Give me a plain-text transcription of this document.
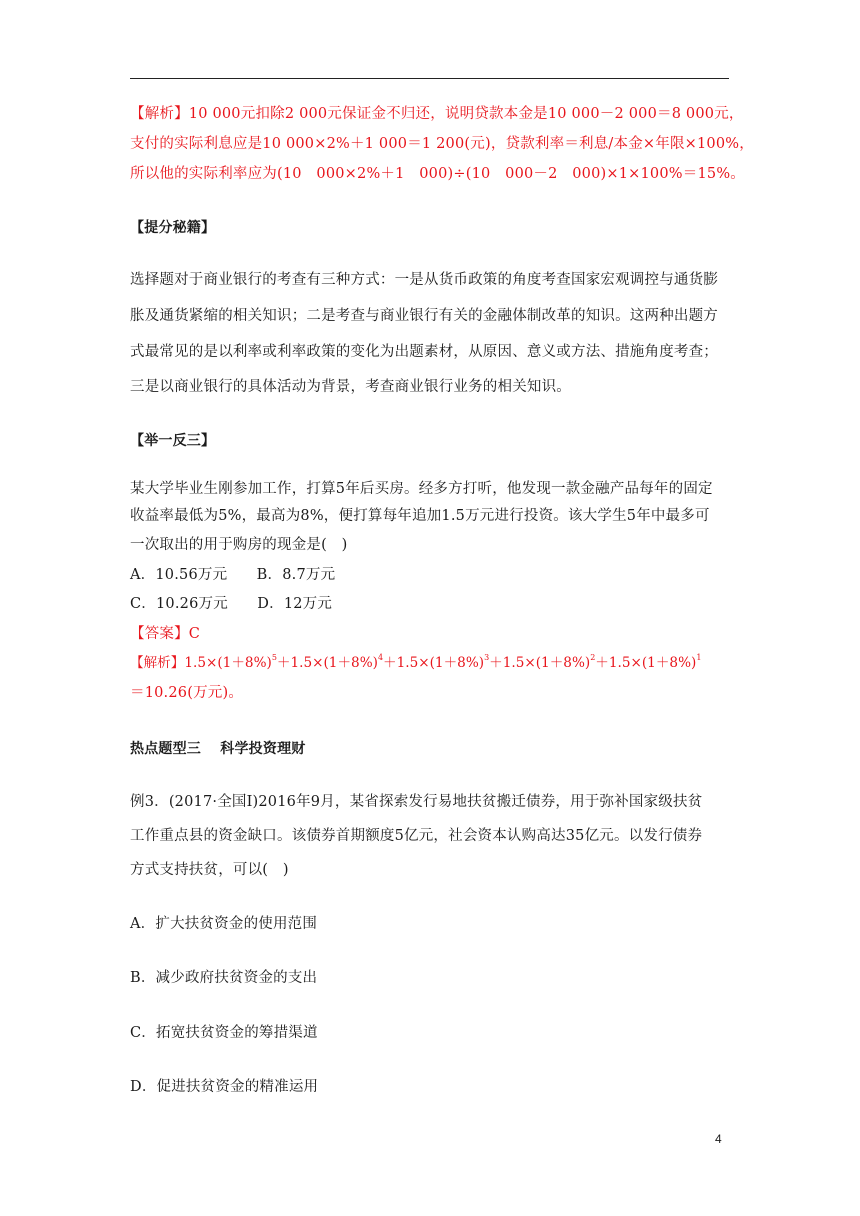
【解析】10 000元扣除2 000元保证金不归还，说明贷款本金是10 000－2 000＝8 000元，
支付的实际利息应是10 000×2%＋1 000＝1 200(元)，贷款利率＝利息/本金×年限×100%，
所以他的实际利率应为(10　000×2%＋1　000)÷(10　000－2　000)×1×100%＝15%。
【提分秘籍】
选择题对于商业银行的考查有三种方式：一是从货币政策的角度考查国家宏观调控与通货膨
胀及通货紧缩的相关知识；二是考查与商业银行有关的金融体制改革的知识。这两种出题方
式最常见的是以利率或利率政策的变化为出题素材，从原因、意义或方法、措施角度考查；
三是以商业银行的具体活动为背景，考查商业银行业务的相关知识。
【举一反三】
某大学毕业生刚参加工作，打算5年后买房。经多方打听，他发现一款金融产品每年的固定
收益率最低为5%，最高为8%，便打算每年追加1.5万元进行投资。该大学生5年中最多可
一次取出的用于购房的现金是(　)
A．10.56万元　　B．8.7万元
C．10.26万元　　D．12万元
【答案】C
【解析】$1.5\times(1+8\%)^5+1.5\times(1+8\%)^4+1.5\times(1+8\%)^3+1.5\times(1+8\%)^2+1.5\times(1+8\%)^1$
＝10.26(万元)。
热点题型三　 科学投资理财
例3．(2017·全国Ⅰ)2016年9月，某省探索发行易地扶贫搬迁债券，用于弥补国家级扶贫
工作重点县的资金缺口。该债券首期额度5亿元，社会资本认购高达35亿元。以发行债券
方式支持扶贫，可以(　)
A．扩大扶贫资金的使用范围
B．减少政府扶贫资金的支出
C．拓宽扶贫资金的筹措渠道
D．促进扶贫资金的精准运用
4
